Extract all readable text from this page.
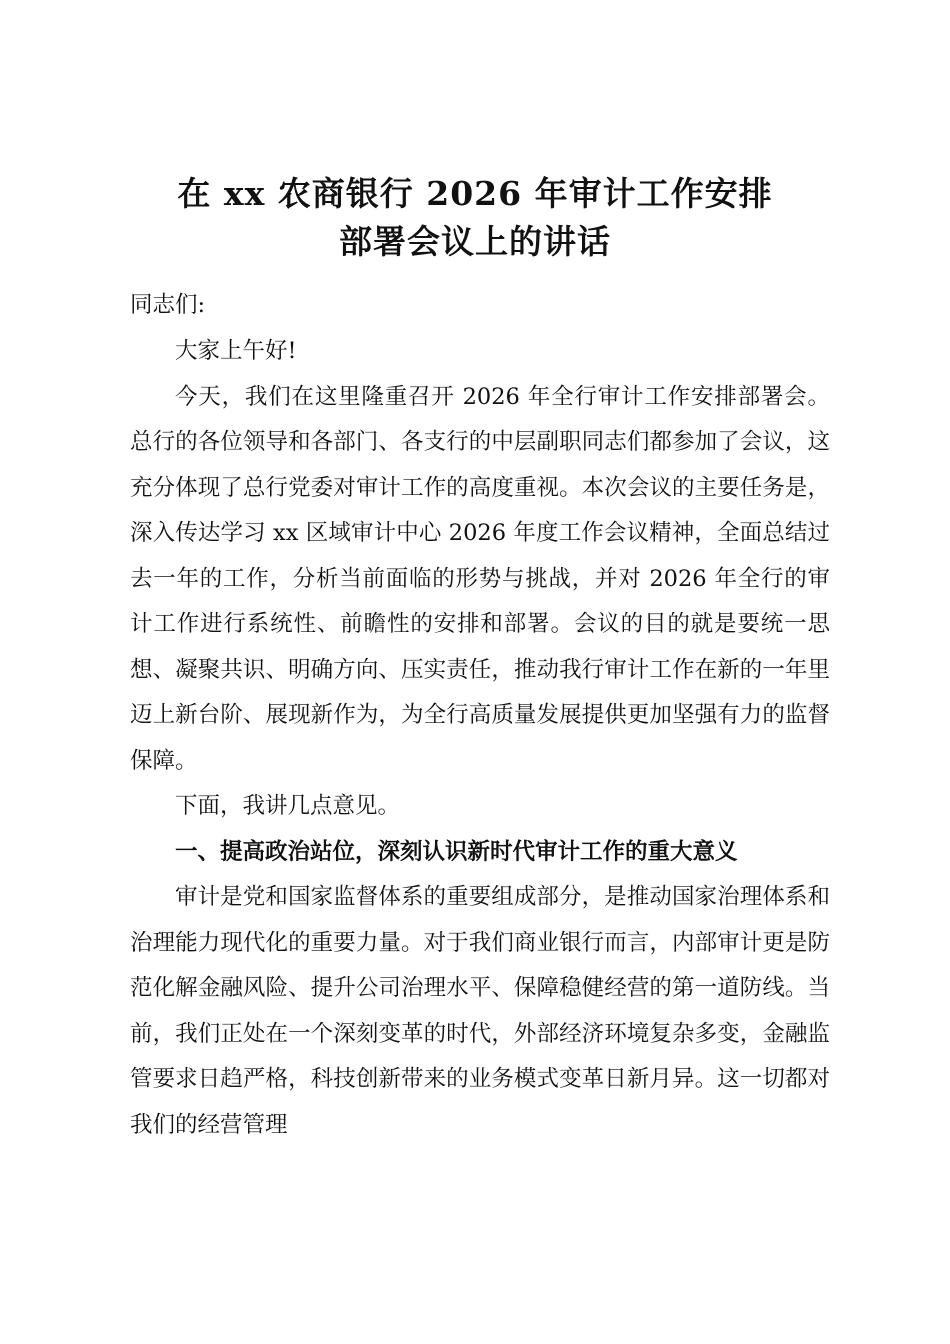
在 xx 农商银行 2026 年审计工作安排
部署会议上的讲话
同志们:

大家上午好!

今天，我们在这里隆重召开 2026 年全行审计工作安排部署会。总行的各位领导和各部门、各支行的中层副职同志们都参加了会议，这充分体现了总行党委对审计工作的高度重视。本次会议的主要任务是，深入传达学习 xx 区域审计中心 2026 年度工作会议精神，全面总结过去一年的工作，分析当前面临的形势与挑战，并对 2026 年全行的审计工作进行系统性、前瞻性的安排和部署。会议的目的就是要统一思想、凝聚共识、明确方向、压实责任，推动我行审计工作在新的一年里迈上新台阶、展现新作为，为全行高质量发展提供更加坚强有力的监督保障。

下面，我讲几点意见。

一、提高政治站位，深刻认识新时代审计工作的重大意义

审计是党和国家监督体系的重要组成部分，是推动国家治理体系和治理能力现代化的重要力量。对于我们商业银行而言，内部审计更是防范化解金融风险、提升公司治理水平、保障稳健经营的第一道防线。当前，我们正处在一个深刻变革的时代，外部经济环境复杂多变，金融监管要求日趋严格，科技创新带来的业务模式变革日新月异。这一切都对我们的经营管理
